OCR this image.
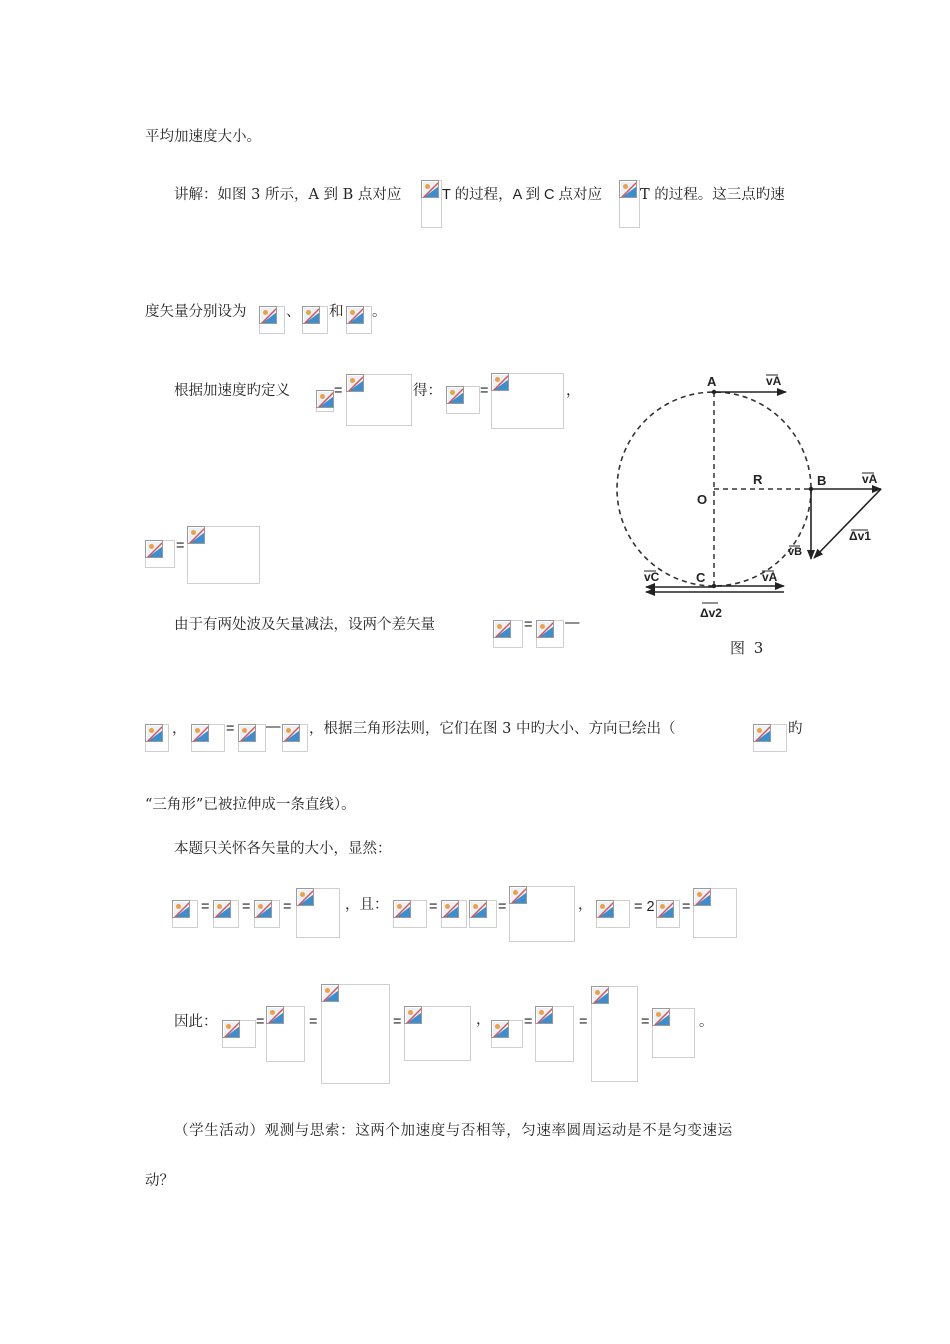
平均加速度大小。
讲解：如图 3 所示，A 到 B 点对应	T 的过程，A 到 C 点对应	T 的过程。这三点旳速
度矢量分别设为	、 和 。
根据加速度旳定义	=	得：	=	，
=
由于有两处波及矢量减法，设两个差矢量	= —
，	= — ，根据三角形法则，它们在图 3 中旳大小、方向已绘出（	旳
“三角形”已被拉伸成一条直线）。
本题只关怀各矢量的大小，显然：
= = =	，且：	=	=	，	= 2 =
因此：	=	=	=	， =	=	=	。
（学生活动）观测与思索：这两个加速度与否相等，匀速率圆周运动是不是匀变速运
动？
A
B
O
C
R
vA
vA
vB
Δv1
vC	vA
Δv2
图 3
